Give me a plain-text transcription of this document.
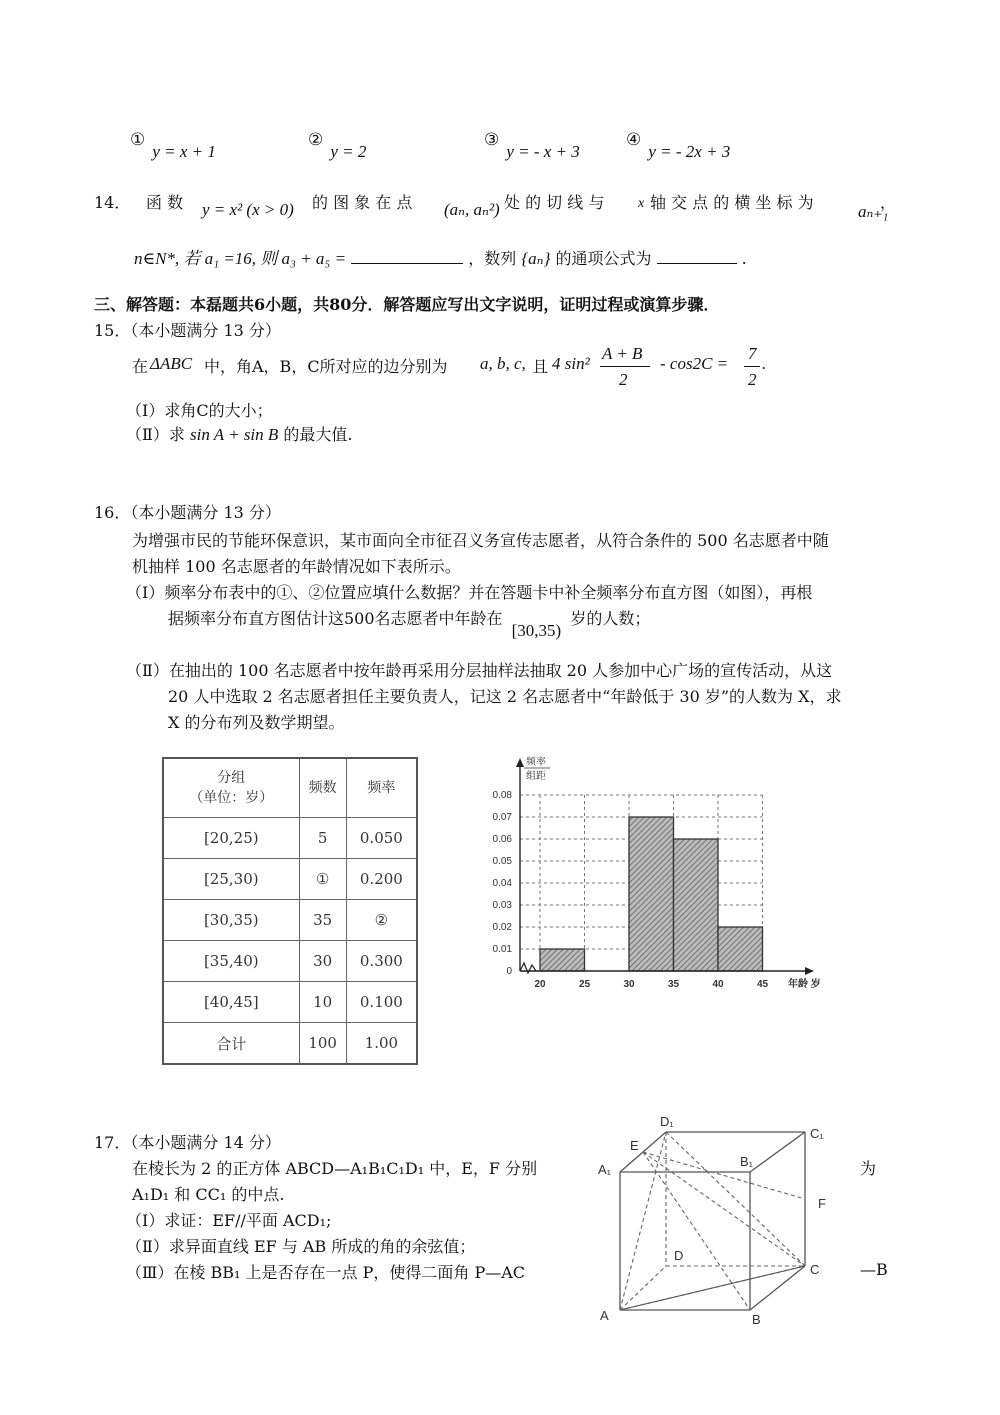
① y = x + 1
② y = 2
③ y = - x + 3
④ y = - 2x + 3
14． 函 数 y = x² (x > 0) 的 图 象 在 点 (aₙ, aₙ²) 处 的 切 线 与 x 轴 交 点 的 横 坐 标 为	aₙ₊₁
，
n∈N*, 若 a₁ =16, 则 a₃ + a₅ =	，数列 {aₙ} 的通项公式为	.
三、解答题：本磊题共6小题，共80分．解答题应写出文字说明，证明过程或演算步骤．
15．（本小题满分 13 分）
在 ΔABC 中，角A，B，C所对应的边分别为 a, b, c, 且 4 sin²
A + B
2
- cos2C =
7
2
.
（Ⅰ）求角C的大小；
（Ⅱ）求 sin A + sin B 的最大值.
16．（本小题满分 13 分）
为增强市民的节能环保意识，某市面向全市征召义务宣传志愿者，从符合条件的 500 名志愿者中随
机抽样 100 名志愿者的年龄情况如下表所示。
（Ⅰ）频率分布表中的①、②位置应填什么数据？并在答题卡中补全频率分布直方图（如图），再根
据频率分布直方图估计这500名志愿者中年龄在 [30,35) 岁的人数；
（Ⅱ）在抽出的 100 名志愿者中按年龄再采用分层抽样法抽取 20 人参加中心广场的宣传活动，从这
20 人中选取 2 名志愿者担任主要负责人，记这 2 名志愿者中“年龄低于 30 岁”的人数为 X，求
X 的分布列及数学期望。
分组
（单位：岁）	频数	频率
[20,25)	5	0.050
[25,30)	①	0.200
[30,35)	35	②
[35,40)	30	0.300
[40,45]	10	0.100
合计	100	1.00
0.08
0.07
0.06
0.05
0.04
0.03
0.02
0.01
0
20	25	30	35	40	45
频率
组距
年龄 岁
17．（本小题满分 14 分）
在棱长为 2 的正方体 ABCD—A₁B₁C₁D₁ 中，E，F 分别	为
A₁D₁ 和 CC₁ 的中点.
（Ⅰ）求证：EF//平面 ACD₁;
（Ⅱ）求异面直线 EF 与 AB 所成的角的余弦值；
（Ⅲ）在棱 BB₁ 上是否存在一点 P，使得二面角 P—AC	—B
D₁
C₁
E
A₁
B₁
F
D
C
A	B
